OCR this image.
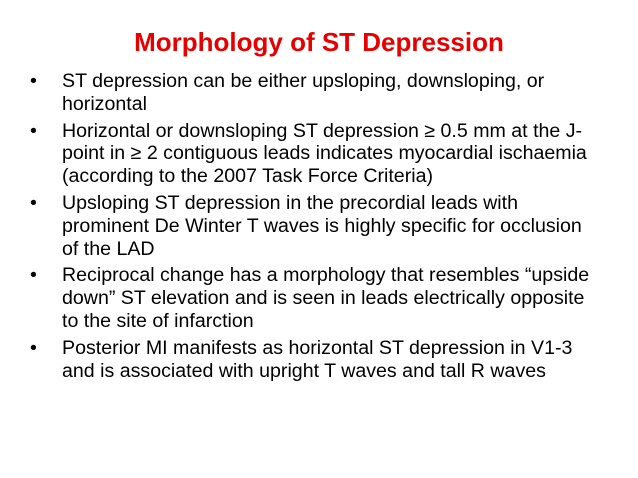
Morphology of ST Depression
•	ST depression can be either upsloping, downsloping, or horizontal
•	Horizontal or downsloping ST depression ≥ 0.5 mm at the J-point in ≥ 2 contiguous leads indicates myocardial ischaemia (according to the 2007 Task Force Criteria)
•	Upsloping ST depression in the precordial leads with prominent De Winter T waves is highly specific for occlusion of the LAD
•	Reciprocal change has a morphology that resembles “upside down” ST elevation and is seen in leads electrically opposite to the site of infarction
•	Posterior MI manifests as horizontal ST depression in V1-3 and is associated with upright T waves and tall R waves
